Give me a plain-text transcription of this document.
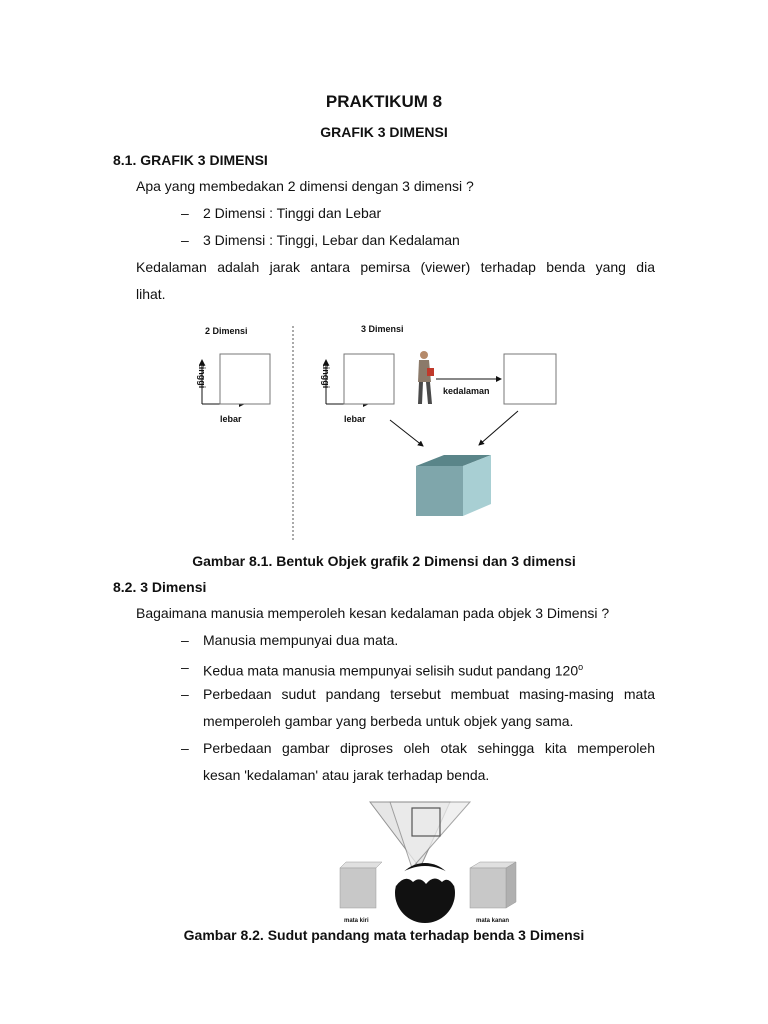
PRAKTIKUM 8
GRAFIK 3 DIMENSI
8.1. GRAFIK 3 DIMENSI
Apa yang membedakan 2 dimensi dengan 3 dimensi ?
– 2 Dimensi : Tinggi dan Lebar
– 3 Dimensi : Tinggi, Lebar dan Kedalaman
Kedalaman adalah jarak antara pemirsa (viewer) terhadap benda yang dia
lihat.
2 Dimensi
tinggi
lebar
3 Dimensi
tinggi
lebar
kedalaman
Gambar 8.1. Bentuk Objek grafik 2 Dimensi dan 3 dimensi
8.2. 3 Dimensi
Bagaimana manusia memperoleh kesan kedalaman pada objek 3 Dimensi ?
– Manusia mempunyai dua mata.
– Kedua mata manusia mempunyai selisih sudut pandang 120$^o$
– Perbedaan sudut pandang tersebut membuat masing-masing mata
memperoleh gambar yang berbeda untuk objek yang sama.
– Perbedaan gambar diproses oleh otak sehingga kita memperoleh
kesan 'kedalaman' atau jarak terhadap benda.
mata kiri	mata kanan
Gambar 8.2. Sudut pandang mata terhadap benda 3 Dimensi
